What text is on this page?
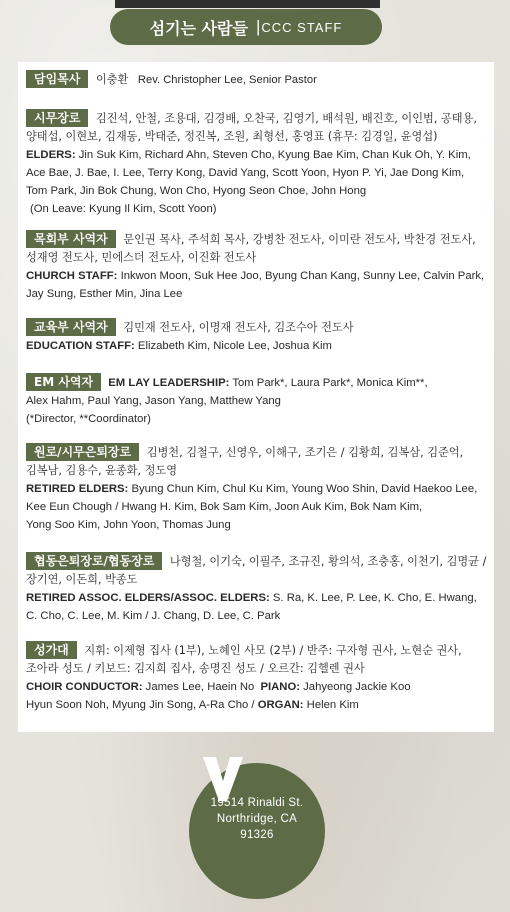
섬기는 사람들 | CCC STAFF
담임목사 이충환 Rev. Christopher Lee, Senior Pastor
시무장로 김진석, 안철, 조용대, 김경배, 오찬국, 김영기, 배석원, 배진호, 이인범, 공태용,
양태섭, 이현보, 김재동, 박태준, 정진복, 조원, 최형선, 홍영표 (휴무: 김경일, 윤영섭)
ELDERS: Jin Suk Kim, Richard Ahn, Steven Cho, Kyung Bae Kim, Chan Kuk Oh, Y. Kim,
Ace Bae, J. Bae, I. Lee, Terry Kong, David Yang, Scott Yoon, Hyon P. Yi, Jae Dong Kim,
Tom Park, Jin Bok Chung, Won Cho, Hyong Seon Choe, John Hong
(On Leave: Kyung Il Kim, Scott Yoon)
목회부 사역자 문인권 목사, 주석희 목사, 강병찬 전도사, 이미란 전도사, 박찬경 전도사,
성재영 전도사, 민에스더 전도사, 이진화 전도사
CHURCH STAFF: Inkwon Moon, Suk Hee Joo, Byung Chan Kang, Sunny Lee, Calvin Park,
Jay Sung, Esther Min, Jina Lee
교육부 사역자 김민재 전도사, 이명재 전도사, 김조수아 전도사
EDUCATION STAFF: Elizabeth Kim, Nicole Lee, Joshua Kim
EM 사역자 EM LAY LEADERSHIP: Tom Park*, Laura Park*, Monica Kim**,
Alex Hahm, Paul Yang, Jason Yang, Matthew Yang
(*Director, **Coordinator)
원로/시무은퇴장로 김병천, 김철구, 신영우, 이해구, 조기은 / 김황희, 김복삼, 김준억,
김복남, 김용수, 윤종화, 정도영
RETIRED ELDERS: Byung Chun Kim, Chul Ku Kim, Young Woo Shin, David Haekoo Lee,
Kee Eun Chough / Hwang H. Kim, Bok Sam Kim, Joon Auk Kim, Bok Nam Kim,
Yong Soo Kim, John Yoon, Thomas Jung
협동은퇴장로/협동장로 나형철, 이기숙, 이필주, 조규진, 황의석, 조충홍, 이천기, 김명균 /
장기연, 이돈희, 박종도
RETIRED ASSOC. ELDERS/ASSOC. ELDERS: S. Ra, K. Lee, P. Lee, K. Cho, E. Hwang,
C. Cho, C. Lee, M. Kim / J. Chang, D. Lee, C. Park
성가대 지휘: 이제형 집사 (1부), 노혜인 사모 (2부) / 반주: 구자형 권사, 노현순 권사,
조아라 성도 / 키보드: 김지희 집사, 송명진 성도 / 오르간: 김헬렌 권사
CHOIR CONDUCTOR: James Lee, Haein No PIANO: Jahyeong Jackie Koo
Hyun Soon Noh, Myung Jin Song, A-Ra Cho / ORGAN: Helen Kim
19514 Rinaldi St.
Northridge, CA
91326
